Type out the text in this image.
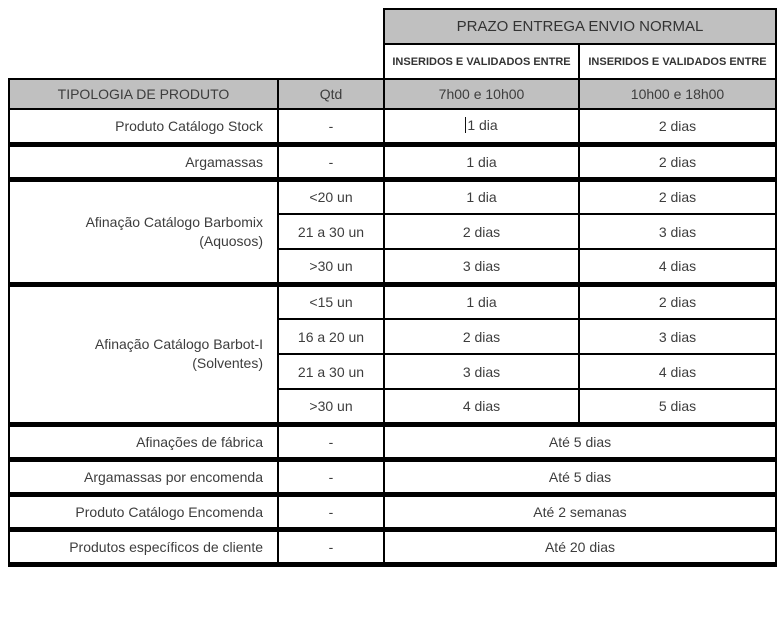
		PRAZO ENTREGA ENVIO NORMAL	
		INSERIDOS E VALIDADOS ENTRE	INSERIDOS E VALIDADOS ENTRE
TIPOLOGIA DE PRODUTO	Qtd	7h00 e 10h00	10h00 e 18h00
Produto Catálogo Stock	-	1 dia	2 dias
Argamassas	-	1 dia	2 dias

Afinação Catálogo Barbomix
(Aquosos)	<20 un	1 dia	2 dias
	21 a 30 un	2 dias	3 dias
	>30 un	3 dias	4 dias

Afinação Catálogo Barbot-I
(Solventes)	<15 un	1 dia	2 dias
	16 a 20 un	2 dias	3 dias
	21 a 30 un	3 dias	4 dias
	>30 un	4 dias	5 dias
Afinações de fábrica	-	Até 5 dias	
Argamassas por encomenda	-	Até 5 dias	
Produto Catálogo Encomenda	-	Até 2 semanas	
Produtos específicos de cliente	-	Até 20 dias	
